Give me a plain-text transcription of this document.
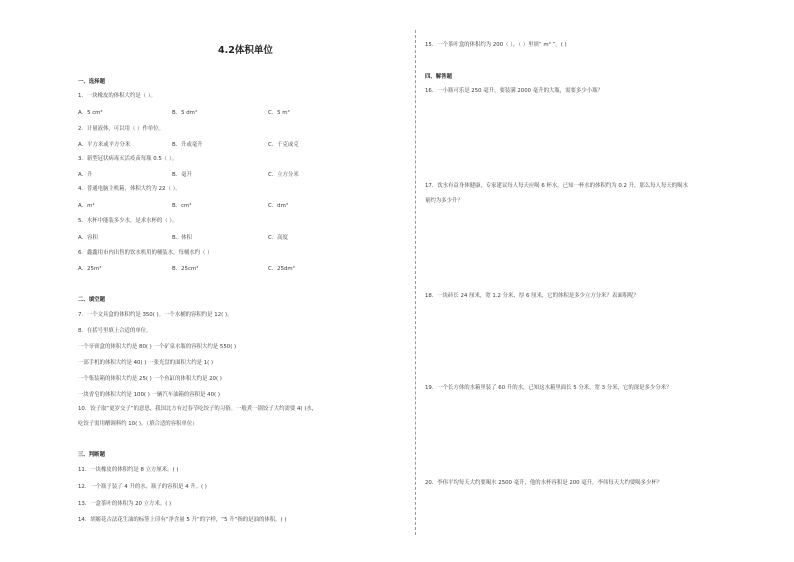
4.2体积单位
一、选择题
1．一块橡皮的体积大约是（ ）。
A．5 cm³	B．5 dm³	C．5 m³
2．计量液体，可以用（ ）作单位。
A．平方米或平方分米	B．升或毫升	C．千克或克
3．新型冠状病毒灭活疫苗每瓶 0.5（ ）。
A．升	B．毫升	C．立方分米
4．普通电脑主机箱，体积大约为 22（ ）。
A．m³	B．cm³	C．dm³
5．水杯中能装多少水，是求水杯的（ ）。
A．容积	B．体积	C．高度
6．鑫鑫用市内出售的饮水机用的桶装水，每桶水约（ ）
A．25m³	B．25cm³	C．25dm³
二、填空题
7．一个文具盒的体积约是 350( )。一个水桶的容积约是 12( )。
8．在括号里填上合适的单位。
一个牙膏盒的体积大约是 80( ) 一个矿泉水瓶的容积大约是 550( )
一部手机的体积大约是 40( ) 一张光盘的面积大约是 1( )
一个集装箱的体积大约是 25( ) 一个鱼缸的体积大约是 20( )
一块香皂的体积大约是 100( ) 一辆汽车油箱的容积是 40( )
10．饺子取“更岁交子”的意思，我国北方有过春节吃饺子的习俗。一般煮一锅饺子大约需要 4( )水，
吃饺子需用醋调料约 10( )。（填合适的容积单位）
三、判断题
11．一块橡皮的体积约是 8 立方厘米。( )
12．一个瓶子装了 4 升的水，瓶子的容积是 4 升。( )
13．一盒茶叶的体积为 20 立方米。( )
14．胡姬花古法花生油的标签上印有“净含量 5 升”的字样，“5 升”指的是油的体积。( )
15．一个茶叶盒的体积约为 200（ ），（ ）里填“ m³ ”。( )
四、解答题
16．一小瓶可乐是 250 毫升，要装满 2000 毫升的大瓶，需要多少小瓶？
17．饮水有益身体健康，专家建议每人每天应喝 6 杯水。已知一杯水的体积约为 0.2 升，那么每人每天的喝水
量约为多少升？
18．一块砖长 24 厘米，宽 1.2 分米，厚 6 厘米，它的体积是多少立方分米？表面积呢？
19．一个长方体的水箱里装了 60 升的水，已知这水箱里面长 5 分米，宽 3 分米，它的深是多少分米？
20．李伟平均每天大约要喝水 2500 毫升，他的水杯容积是 200 毫升，李伟每天大约要喝多少杯？
